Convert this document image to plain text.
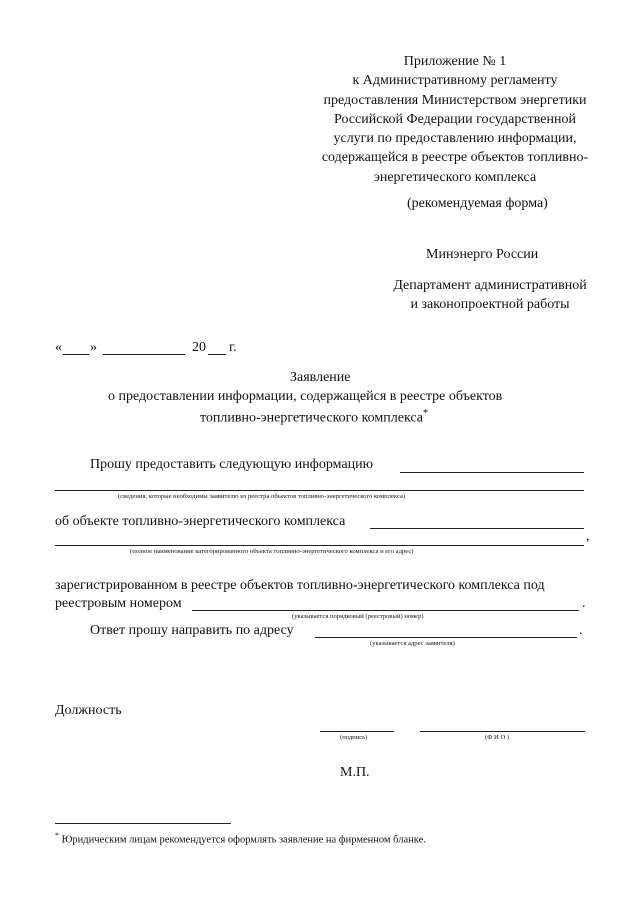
Приложение № 1
к Административному регламенту
предоставления Министерством энергетики
Российской Федерации государственной
услуги по предоставлению информации,
содержащейся в реестре объектов топливно-
энергетического комплекса
(рекомендуемая форма)
Минэнерго России
Департамент административной
и законопроектной работы
« »	20 г.
Заявление
о предоставлении информации, содержащейся в реестре объектов
топливно-энергетического комплекса*
Прошу предоставить следующую информацию
(сведения, которые необходимы заявителю из реестра объектов топливно-энергетического комплекса)
об объекте топливно-энергетического комплекса
,
(полное наименование категорированного объекта топливно-энергетического комплекса и его адрес)
зарегистрированном в реестре объектов топливно-энергетического комплекса под
реестровым номером	.
(указывается порядковый (реестровый) номер)
Ответ прошу направить по адресу	.
(указывается адрес заявителя)
Должность
(подпись)	(Ф И О )
М.П.
* Юридическим лицам рекомендуется оформлять заявление на фирменном бланке.
